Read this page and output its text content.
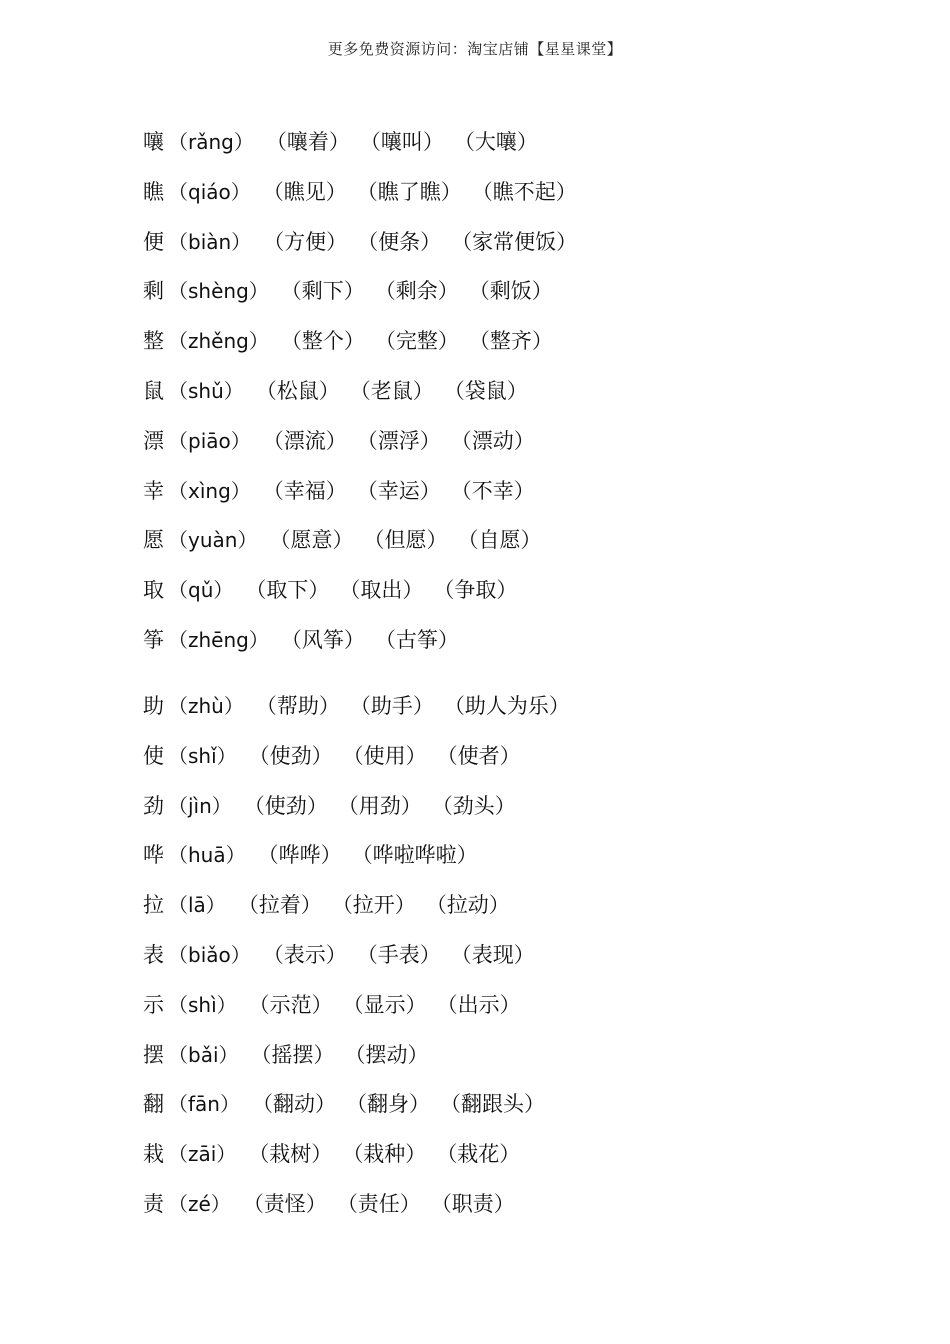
更多免费资源访问：淘宝店铺【星星课堂】
嚷 （rǎng） （嚷着） （嚷叫） （大嚷）
瞧 （qiáo） （瞧见） （瞧了瞧） （瞧不起）
便 （biàn） （方便） （便条） （家常便饭）
剩 （shèng） （剩下） （剩余） （剩饭）
整 （zhěng） （整个） （完整） （整齐）
鼠 （shǔ） （松鼠） （老鼠） （袋鼠）
漂 （piāo） （漂流） （漂浮） （漂动）
幸 （xìng） （幸福） （幸运） （不幸）
愿 （yuàn） （愿意） （但愿） （自愿）
取 （qǔ） （取下） （取出） （争取）
筝 （zhēng） （风筝） （古筝）
助 （zhù） （帮助） （助手） （助人为乐）
使 （shǐ） （使劲） （使用） （使者）
劲 （jìn） （使劲） （用劲） （劲头）
哗 （huā） （哗哗） （哗啦哗啦）
拉 （lā） （拉着） （拉开） （拉动）
表 （biǎo） （表示） （手表） （表现）
示 （shì） （示范） （显示） （出示）
摆 （bǎi） （摇摆） （摆动）
翻 （fān） （翻动） （翻身） （翻跟头）
栽 （zāi） （栽树） （栽种） （栽花）
责 （zé） （责怪） （责任） （职责）
